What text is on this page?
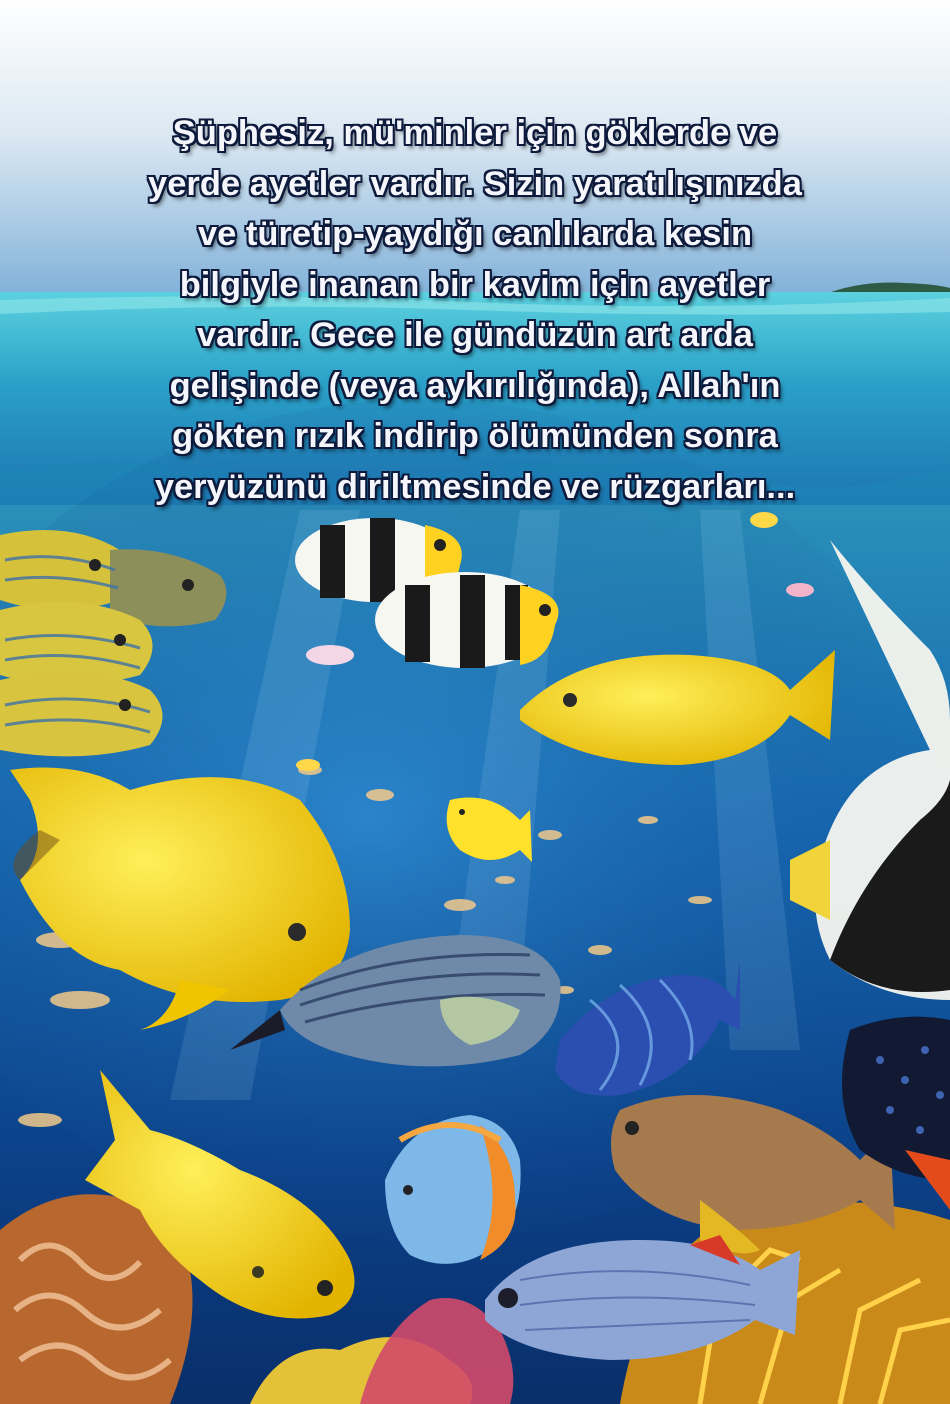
Şüphesiz, mü'minler için göklerde ve
yerde ayetler vardır. Sizin yaratılışınızda
ve türetip-yaydığı canlılarda kesin
bilgiyle inanan bir kavim için ayetler
vardır. Gece ile gündüzün art arda
gelişinde (veya aykırılığında), Allah'ın
gökten rızık indirip ölümünden sonra
yeryüzünü diriltmesinde ve rüzgarları...
